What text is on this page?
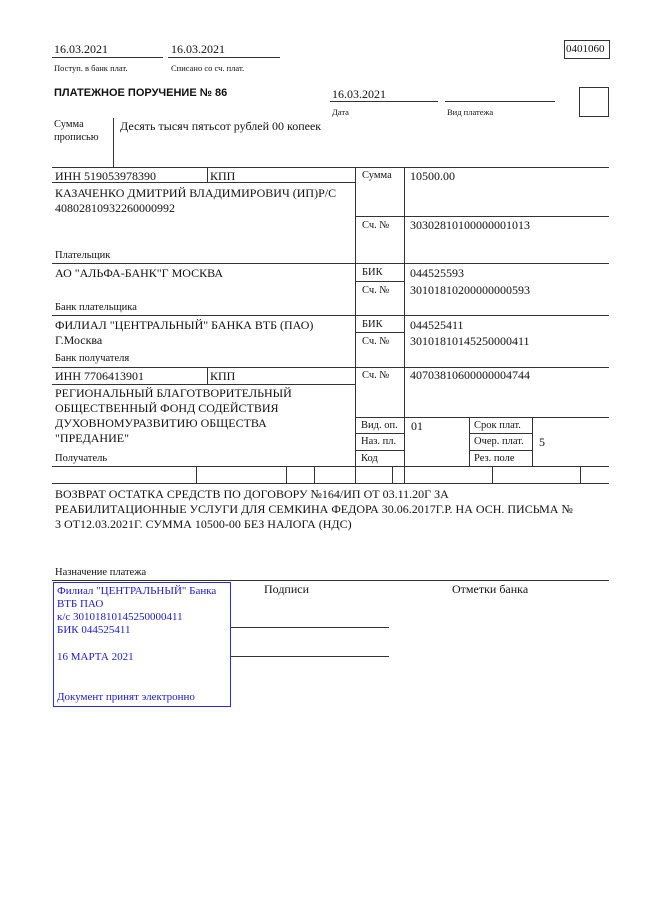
16.03.2021
Поступ. в банк плат.
16.03.2021
Списано со сч. плат.
0401060
ПЛАТЕЖНОЕ ПОРУЧЕНИЕ № 86	16.03.2021
Дата	Вид платежа
Сумма
прописью
Десять тысяч пятьсот рублей 00 копеек
ИНН 519053978390	КПП
КАЗАЧЕНКО ДМИТРИЙ ВЛАДИМИРОВИЧ (ИП)Р/С
40802810932260000992
Плательщик
Сумма 10500.00
Сч. № 30302810100000001013
АО "АЛЬФА-БАНК"Г МОСКВА
Банк плательщика
БИК 044525593
Сч. № 30101810200000000593
ФИЛИАЛ "ЦЕНТРАЛЬНЫЙ" БАНКА ВТБ (ПАО)
Г.Москва
Банк получателя
БИК 044525411
Сч. № 30101810145250000411
ИНН 7706413901	КПП
РЕГИОНАЛЬНЫЙ БЛАГОТВОРИТЕЛЬНЫЙ
ОБЩЕСТВЕННЫЙ ФОНД СОДЕЙСТВИЯ
ДУХОВНОМУРАЗВИТИЮ ОБЩЕСТВА
"ПРЕДАНИЕ"
Получатель
Сч. № 40703810600000004744
Вид. оп. 01
Наз. пл.
Код
Срок плат.
Очер. плат. 5
Рез. поле
ВОЗВРАТ ОСТАТКА СРЕДСТВ ПО ДОГОВОРУ №164/ИП ОТ 03.11.20Г ЗА
РЕАБИЛИТАЦИОННЫЕ УСЛУГИ ДЛЯ СЕМКИНА ФЕДОРА 30.06.2017Г.Р. НА ОСН. ПИСЬМА №
3 ОТ12.03.2021Г. СУММА 10500-00 БЕЗ НАЛОГА (НДС)
Назначение платежа
Подписи	Отметки банка
Филиал "ЦЕНТРАЛЬНЫЙ" Банка
ВТБ ПАО
к/с 30101810145250000411
БИК 044525411
16 МАРТА 2021
Документ принят электронно
